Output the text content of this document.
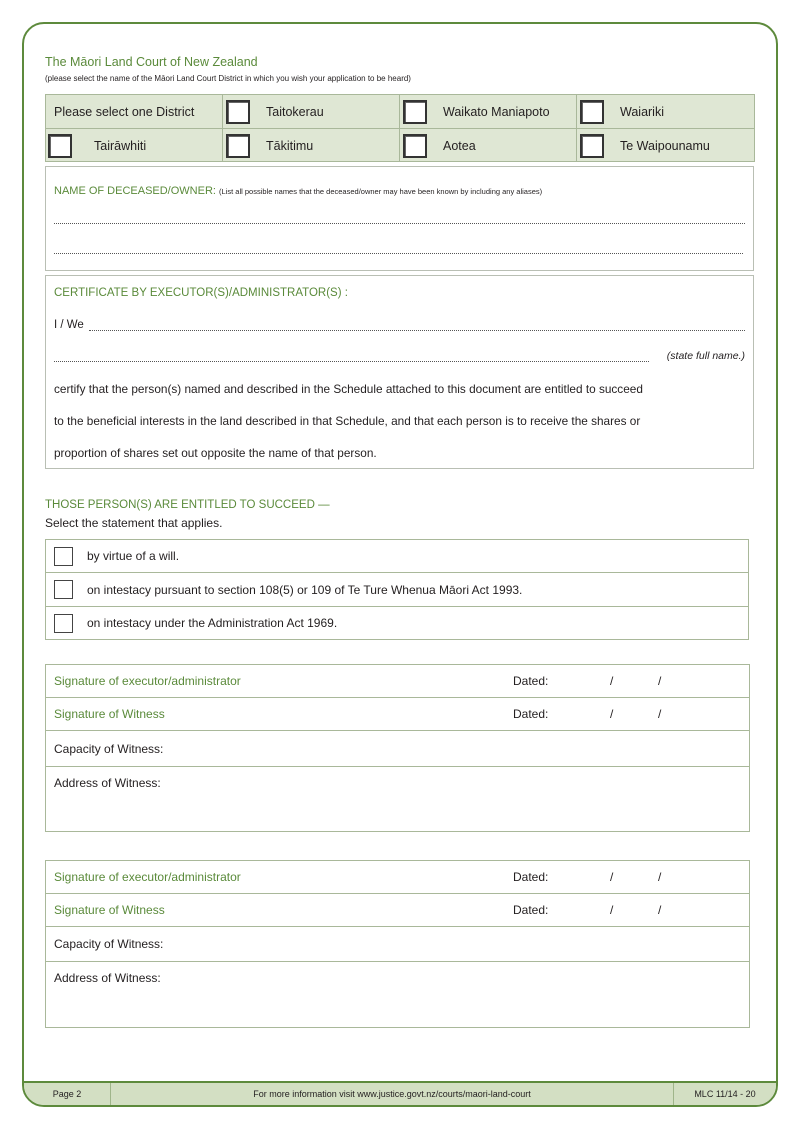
Page 2	For more information visit www.justice.govt.nz/courts/maori-land-court	MLC 11/14 - 20
The Māori Land Court of New Zealand
(please select the name of the Māori Land Court District in which you wish your application to be heard)
Please select one District	Taitokerau	Waikato Maniapoto	Waiariki
Tairāwhiti	Tākitimu	Aotea	Te Waipounamu
NAME OF DECEASED/OWNER: (List all possible names that the deceased/owner may have been known by including any aliases)
CERTIFICATE BY EXECUTOR(S)/ADMINISTRATOR(S) :
I / We
(state full name.)
certify that the person(s) named and described in the Schedule attached to this document are entitled to succeed
to the beneficial interests in the land described in that Schedule, and that each person is to receive the shares or
proportion of shares set out opposite the name of that person.
THOSE PERSON(S) ARE ENTITLED TO SUCCEED —
Select the statement that applies.
by virtue of a will.
on intestacy pursuant to section 108(5) or 109 of Te Ture Whenua Māori Act 1993.
on intestacy under the Administration Act 1969.
Signature of executor/administrator	Dated:	/	/
Signature of Witness	Dated:	/	/
Capacity of Witness:
Address of Witness:
Signature of executor/administrator	Dated:	/	/
Signature of Witness	Dated:	/	/
Capacity of Witness:
Address of Witness:
